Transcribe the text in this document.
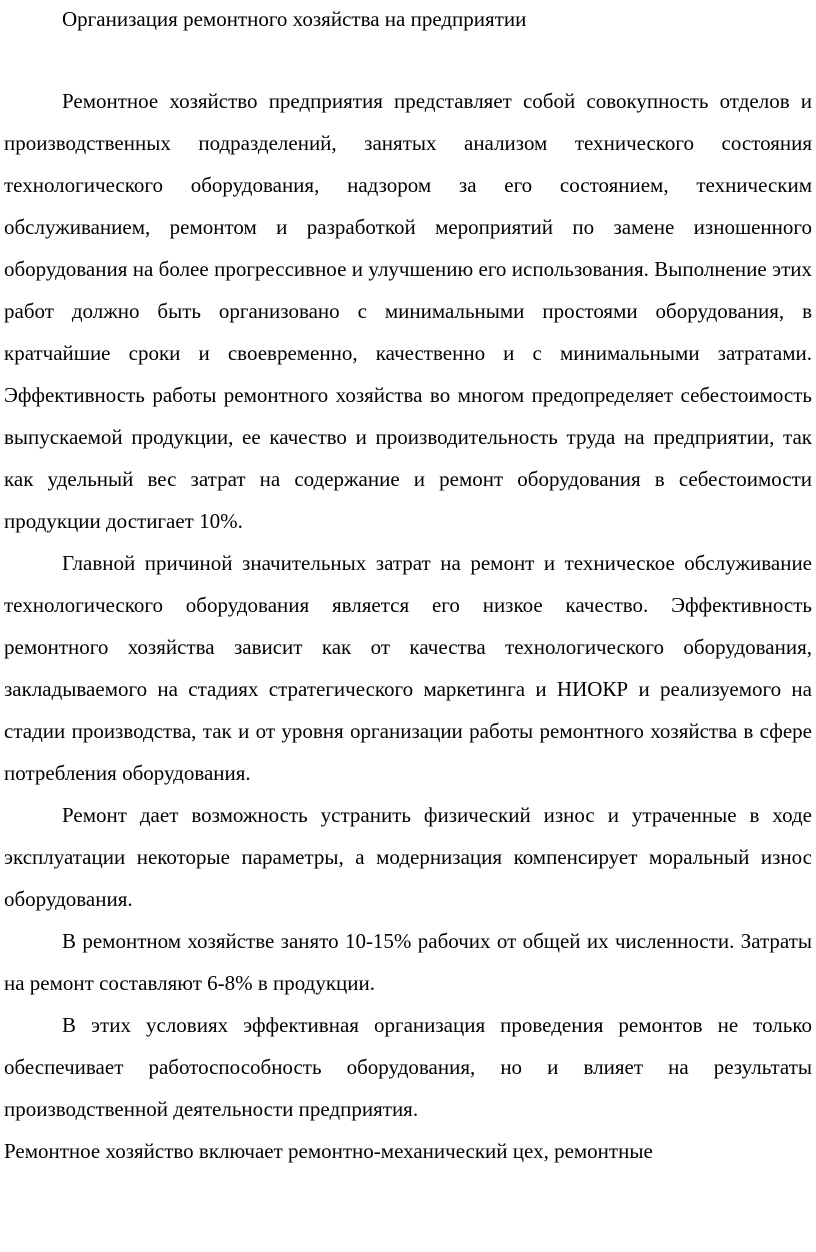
Организация ремонтного хозяйства на предприятии

Ремонтное хозяйство предприятия представляет собой совокупность отделов и производственных подразделений, занятых анализом технического состояния технологического оборудования, надзором за его состоянием, техническим обслуживанием, ремонтом и разработкой мероприятий по замене изношенного оборудования на более прогрессивное и улучшению его использования. Выполнение этих работ должно быть организовано с минимальными простоями оборудования, в кратчайшие сроки и своевременно, качественно и с минимальными затратами. Эффективность работы ремонтного хозяйства во многом предопределяет себестоимость выпускаемой продукции, ее качество и производительность труда на предприятии, так как удельный вес затрат на содержание и ремонт оборудования в себестоимости продукции достигает 10%.

Главной причиной значительных затрат на ремонт и техническое обслуживание технологического оборудования является его низкое качество. Эффективность ремонтного хозяйства зависит как от качества технологического оборудования, закладываемого на стадиях стратегического маркетинга и НИОКР и реализуемого на стадии производства, так и от уровня организации работы ремонтного хозяйства в сфере потребления оборудования.

Ремонт дает возможность устранить физический износ и утраченные в ходе эксплуатации некоторые параметры, а модернизация компенсирует моральный износ оборудования.

В ремонтном хозяйстве занято 10-15% рабочих от общей их численности. Затраты на ремонт составляют 6-8% в продукции.

В этих условиях эффективная организация проведения ремонтов не только обеспечивает работоспособность оборудования, но и влияет на результаты производственной деятельности предприятия.

Ремонтное хозяйство включает ремонтно-механический цех, ремонтные
